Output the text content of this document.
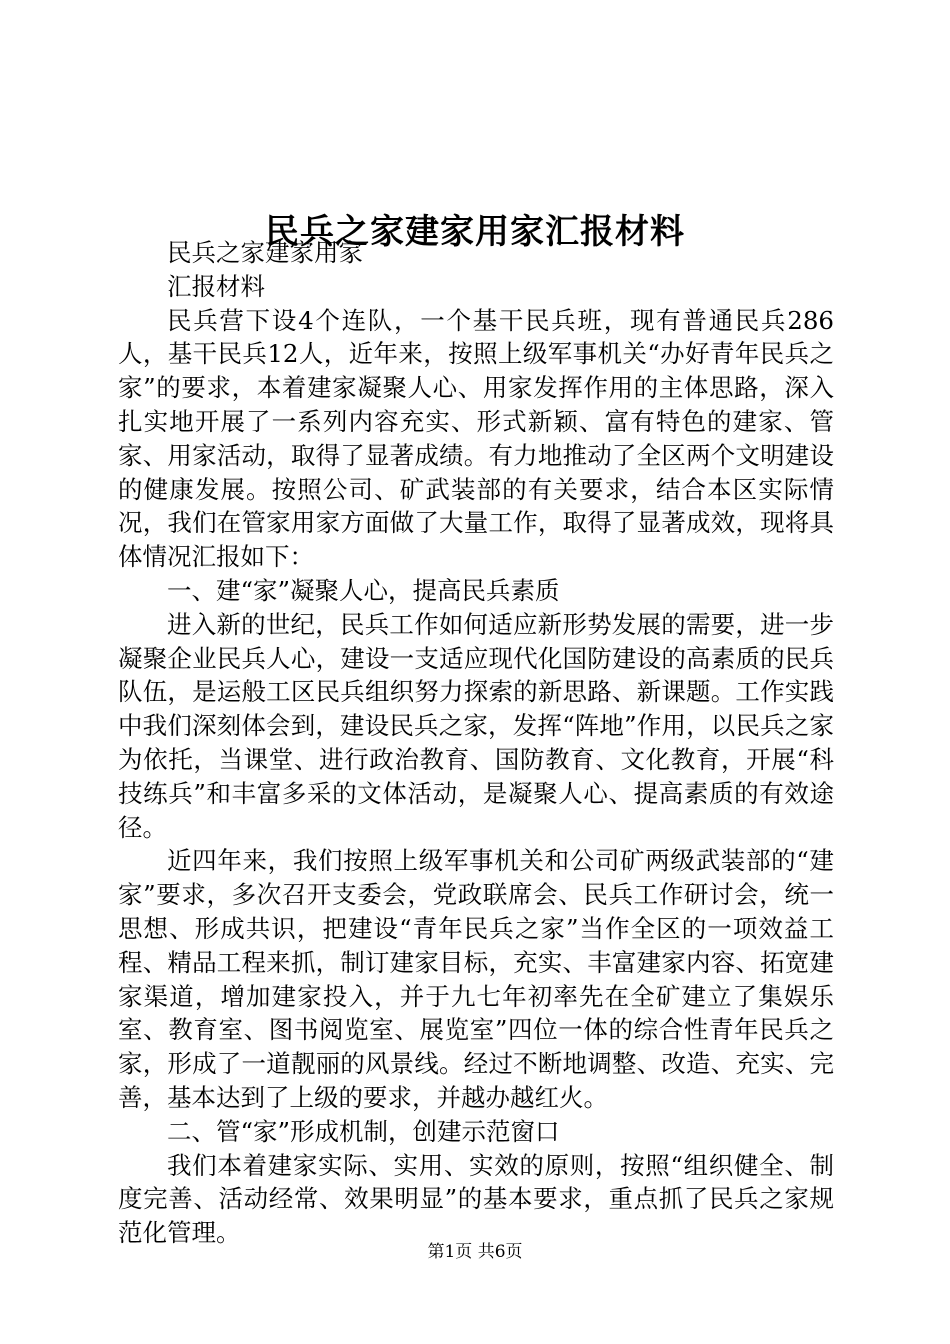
民兵之家建家用家汇报材料

民兵之家建家用家

汇报材料

民兵营下设4个连队，一个基干民兵班，现有普通民兵286人，基干民兵12人，近年来，按照上级军事机关“办好青年民兵之家”的要求，本着建家凝聚人心、用家发挥作用的主体思路，深入扎实地开展了一系列内容充实、形式新颖、富有特色的建家、管家、用家活动，取得了显著成绩。有力地推动了全区两个文明建设的健康发展。按照公司、矿武装部的有关要求，结合本区实际情况，我们在管家用家方面做了大量工作，取得了显著成效，现将具体情况汇报如下：

一、建“家”凝聚人心，提高民兵素质

进入新的世纪，民兵工作如何适应新形势发展的需要，进一步凝聚企业民兵人心，建设一支适应现代化国防建设的高素质的民兵队伍，是运般工区民兵组织努力探索的新思路、新课题。工作实践中我们深刻体会到，建设民兵之家，发挥“阵地”作用，以民兵之家为依托，当课堂、进行政治教育、国防教育、文化教育，开展“科技练兵”和丰富多采的文体活动，是凝聚人心、提高素质的有效途径。

近四年来，我们按照上级军事机关和公司矿两级武装部的“建家”要求，多次召开支委会，党政联席会、民兵工作研讨会，统一思想、形成共识，把建设“青年民兵之家”当作全区的一项效益工程、精品工程来抓，制订建家目标，充实、丰富建家内容、拓宽建家渠道，增加建家投入，并于九七年初率先在全矿建立了集娱乐室、教育室、图书阅览室、展览室”四位一体的综合性青年民兵之家，形成了一道靓丽的风景线。经过不断地调整、改造、充实、完善，基本达到了上级的要求，并越办越红火。

二、管“家”形成机制，创建示范窗口

我们本着建家实际、实用、实效的原则，按照“组织健全、制度完善、活动经常、效果明显”的基本要求，重点抓了民兵之家规范化管理。

第1页 共6页
